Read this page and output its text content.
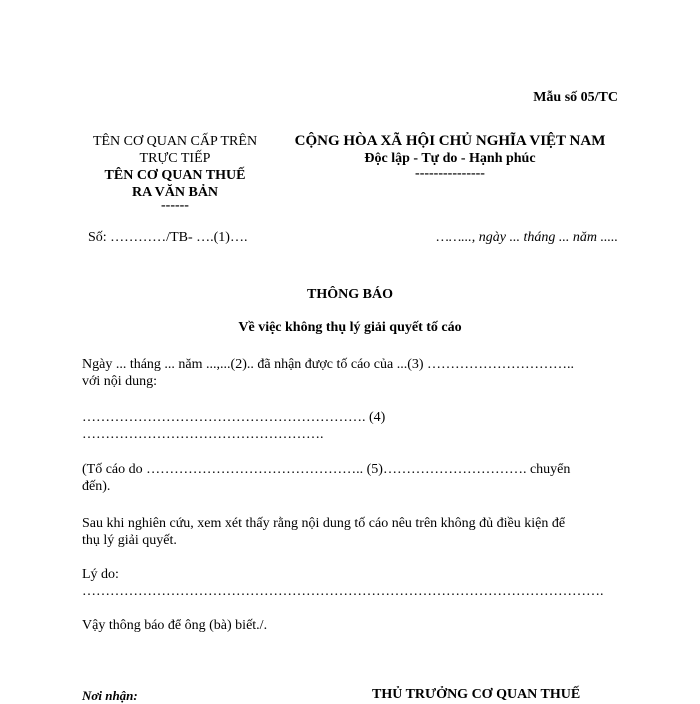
Mẫu số 05/TC
TÊN CƠ QUAN CẤP TRÊN
TRỰC TIẾP
TÊN CƠ QUAN THUẾ
RA VĂN BẢN
------
CỘNG HÒA XÃ HỘI CHỦ NGHĨA VIỆT NAM
Độc lập - Tự do - Hạnh phúc
---------------
Số: …………/TB- ….(1)….	……..., ngày ... tháng ... năm .....
THÔNG BÁO
Về việc không thụ lý giải quyết tố cáo
Ngày ... tháng ... năm ...,...(2).. đã nhận được tố cáo của ...(3) …………………………..
với nội dung:
……………………………………………………. (4)
…………………………………………….
(Tố cáo do ……………………………………….. (5)…………………………. chuyển
đến).
Sau khi nghiên cứu, xem xét thấy rằng nội dung tố cáo nêu trên không đủ điều kiện để
thụ lý giải quyết.
Lý do:
………………………………………………………………………………………………….
Vậy thông báo để ông (bà) biết./.
Nơi nhận:	THỦ TRƯỞNG CƠ QUAN THUẾ
